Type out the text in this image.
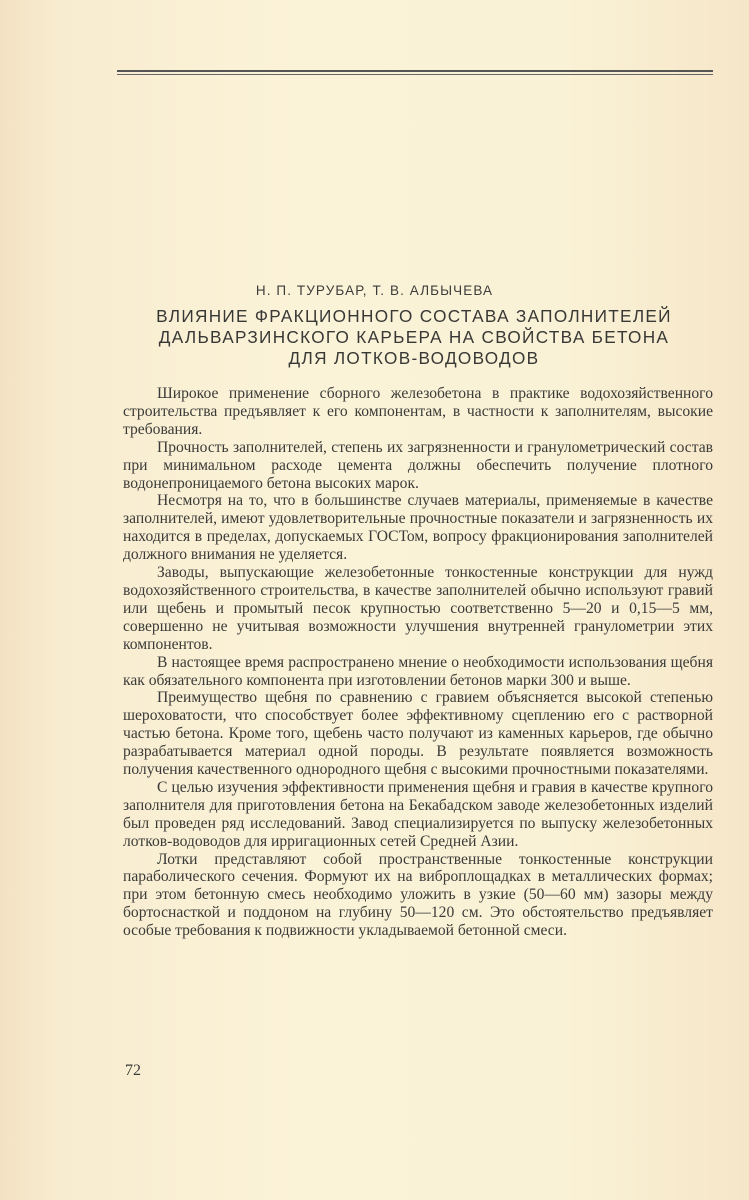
Н. П. ТУРУБАР, Т. В. АЛБЫЧЕВА
ВЛИЯНИЕ ФРАКЦИОННОГО СОСТАВА ЗАПОЛНИТЕЛЕЙ
ДАЛЬВАРЗИНСКОГО КАРЬЕРА НА СВОЙСТВА БЕТОНА
ДЛЯ ЛОТКОВ-ВОДОВОДОВ

Широкое применение сборного железобетона в практике водохозяйственного строительства предъявляет к его компонентам, в частности к заполнителям, высокие требования.

Прочность заполнителей, степень их загрязненности и гранулометрический состав при минимальном расходе цемента должны обеспечить получение плотного водонепроницаемого бетона высоких марок.

Несмотря на то, что в большинстве случаев материалы, применяемые в качестве заполнителей, имеют удовлетворительные прочностные показатели и загрязненность их находится в пределах, допускаемых ГОСТом, вопросу фракционирования заполнителей должного внимания не уделяется.

Заводы, выпускающие железобетонные тонкостенные конструкции для нужд водохозяйственного строительства, в качестве заполнителей обычно используют гравий или щебень и промытый песок крупностью соответственно 5—20 и 0,15—5 мм, совершенно не учитывая возможности улучшения внутренней гранулометрии этих компонентов.

В настоящее время распространено мнение о необходимости использования щебня как обязательного компонента при изготовлении бетонов марки 300 и выше.

Преимущество щебня по сравнению с гравием объясняется высокой степенью шероховатости, что способствует более эффективному сцеплению его с растворной частью бетона. Кроме того, щебень часто получают из каменных карьеров, где обычно разрабатывается материал одной породы. В результате появляется возможность получения качественного однородного щебня с высокими прочностными показателями.

С целью изучения эффективности применения щебня и гравия в качестве крупного заполнителя для приготовления бетона на Бекабадском заводе железобетонных изделий был проведен ряд исследований. Завод специализируется по выпуску железобетонных лотков-водоводов для ирригационных сетей Средней Азии.

Лотки представляют собой пространственные тонкостенные конструкции параболического сечения. Формуют их на виброплощадках в металлических формах; при этом бетонную смесь необходимо уложить в узкие (50—60 мм) зазоры между бортоснасткой и поддоном на глубину 50—120 см. Это обстоятельство предъявляет особые требования к подвижности укладываемой бетонной смеси.

72
